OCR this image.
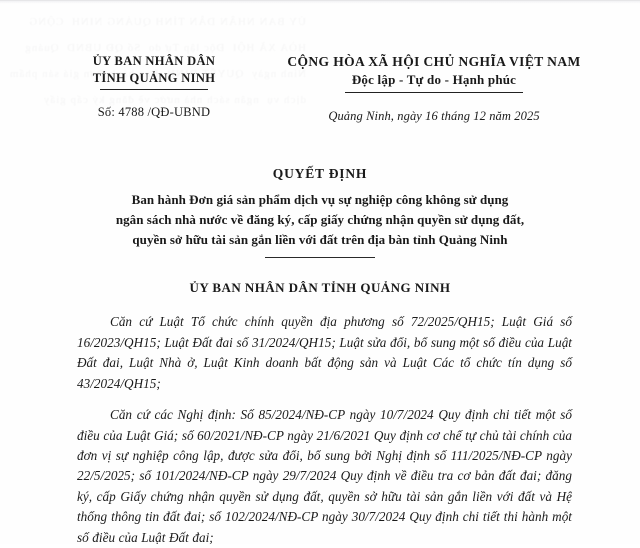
ỦY BAN NHÂN DÂN
TỈNH QUẢNG NINH
Số: 4788 /QĐ-UBND
CỘNG HÒA XÃ HỘI CHỦ NGHĨA VIỆT NAM
Độc lập - Tự do - Hạnh phúc
Quảng Ninh, ngày 16 tháng 12 năm 2025
QUYẾT ĐỊNH
Ban hành Đơn giá sản phẩm dịch vụ sự nghiệp công không sử dụng
ngân sách nhà nước về đăng ký, cấp giấy chứng nhận quyền sử dụng đất,
quyền sở hữu tài sản gắn liền với đất trên địa bàn tỉnh Quảng Ninh
ỦY BAN NHÂN DÂN TỈNH QUẢNG NINH

Căn cứ Luật Tổ chức chính quyền địa phương số 72/2025/QH15; Luật Giá số 16/2023/QH15; Luật Đất đai số 31/2024/QH15; Luật sửa đổi, bổ sung một số điều của Luật Đất đai, Luật Nhà ở, Luật Kinh doanh bất động sản và Luật Các tổ chức tín dụng số 43/2024/QH15;

Căn cứ các Nghị định: Số 85/2024/NĐ-CP ngày 10/7/2024 Quy định chi tiết một số điều của Luật Giá; số 60/2021/NĐ-CP ngày 21/6/2021 Quy định cơ chế tự chủ tài chính của đơn vị sự nghiệp công lập, được sửa đổi, bổ sung bởi Nghị định số 111/2025/NĐ-CP ngày 22/5/2025; số 101/2024/NĐ-CP ngày 29/7/2024 Quy định về điều tra cơ bản đất đai; đăng ký, cấp Giấy chứng nhận quyền sử dụng đất, quyền sở hữu tài sản gắn liền với đất và Hệ thống thông tin đất đai; số 102/2024/NĐ-CP ngày 30/7/2024 Quy định chi tiết thi hành một số điều của Luật Đất đai;
